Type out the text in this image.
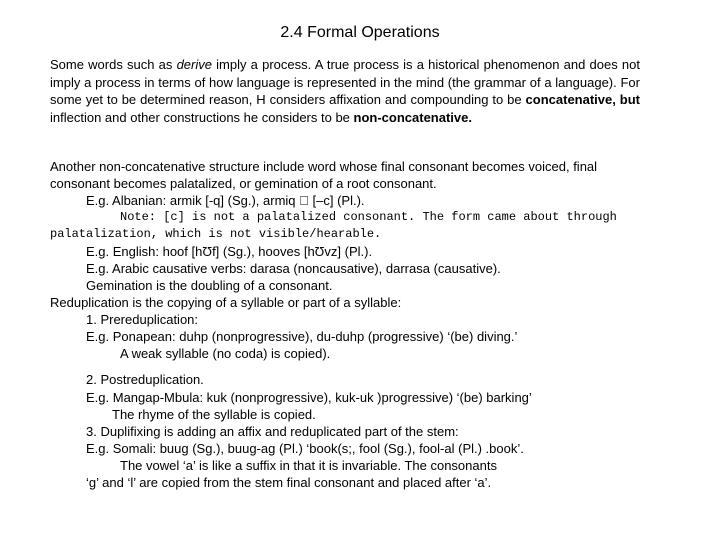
2.4 Formal Operations
Some words such as derive imply a process. A true process is a historical phenomenon and does not imply a process in terms of how language is represented in the mind (the grammar of a language). For some yet to be determined reason, H considers affixation and compounding to be concatenative, but inflection and other constructions he considers to be non-concatenative.
Another non-concatenative structure include word whose final consonant becomes voiced, final
consonant becomes palatalized, or gemination of a root consonant.
E.g. Albanian: armik [-q] (Sg.), armiq   [–c] (Pl.).
Note: [c] is not a palatalized consonant. The form came about through
palatalization, which is not visible/hearable.
E.g. English: hoof [hƱf] (Sg.), hooves [hƱvz] (Pl.).
E.g. Arabic causative verbs: darasa (noncausative), darrasa (causative).
Gemination is the doubling of a consonant.
Reduplication is the copying of a syllable or part of a syllable:
1. Prereduplication:
E.g. Ponapean: duhp (nonprogressive), du-duhp (progressive) ‘(be) diving.’
A weak syllable (no coda) is copied).
2. Postreduplication.
E.g. Mangap-Mbula: kuk (nonprogressive), kuk-uk )progressive) ‘(be) barking’
The rhyme of the syllable is copied.
3. Duplifixing is adding an affix and reduplicated part of the stem:
E.g. Somali: buug (Sg.), buug-ag (Pl.) ‘book(s;, fool (Sg.), fool-al (Pl.) .book’.
The vowel ‘a’ is like a suffix in that it is invariable. The consonants
‘g’ and ‘l’ are copied from the stem final consonant and placed after ‘a’.
